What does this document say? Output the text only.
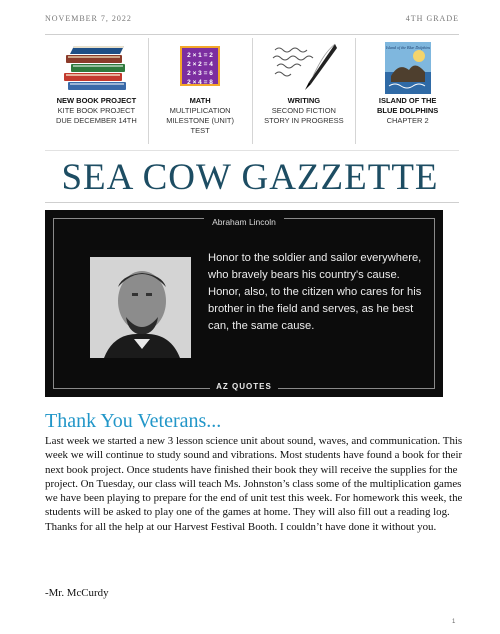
NOVEMBER 7, 2022	4TH GRADE
NEW BOOK PROJECT
KITE BOOK PROJECT
DUE DECEMBER 14TH
2 × 1 = 2
2 × 2 = 4
2 × 3 = 6
2 × 4 = 8
MATH
MULTIPLICATION
MILESTONE (UNIT)
TEST
WRITING
SECOND FICTION
STORY IN PROGRESS
Island of the Blue Dolphins
ISLAND OF THE BLUE DOLPHINS
CHAPTER 2
SEA COW GAZZETTE
Abraham Lincoln
Honor to the soldier and sailor everywhere, who bravely bears his country's cause. Honor, also, to the citizen who cares for his brother in the field and serves, as he best can, the same cause.
AZ QUOTES
Thank You Veterans...
Last week we started a new 3 lesson science unit about sound, waves, and communication. This week we will continue to study sound and vibrations. Most students have found a book for their next book project. Once students have finished their book they will receive the supplies for the project. On Tuesday, our class will teach Ms. Johnston’s class some of the multiplication games we have been playing to prepare for the end of unit test this week. For homework this week, the students will be asked to play one of the games at home. They will also fill out a reading log. Thanks for all the help at our Harvest Festival Booth. I couldn’t have done it without you.
-Mr. McCurdy
1
